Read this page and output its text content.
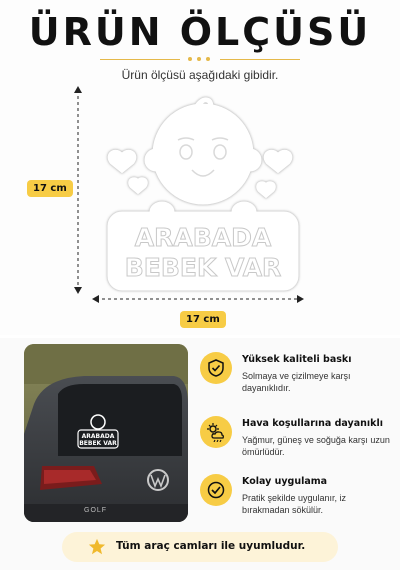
ÜRÜN ÖLÇÜSÜ
Ürün ölçüsü aşağıdaki gibidir.
17 cm
17 cm
ARABADA
BEBEK VAR
ARABADA
BEBEK VAR
GOLF
Yüksek kaliteli baskı
Solmaya ve çizilmeye karşı dayanıklıdır.
Hava koşullarına dayanıklı
Yağmur, güneş ve soğuğa karşı uzun ömürlüdür.
Kolay uygulama
Pratik şekilde uygulanır, iz bırakmadan sökülür.
Tüm araç camları ile uyumludur.
